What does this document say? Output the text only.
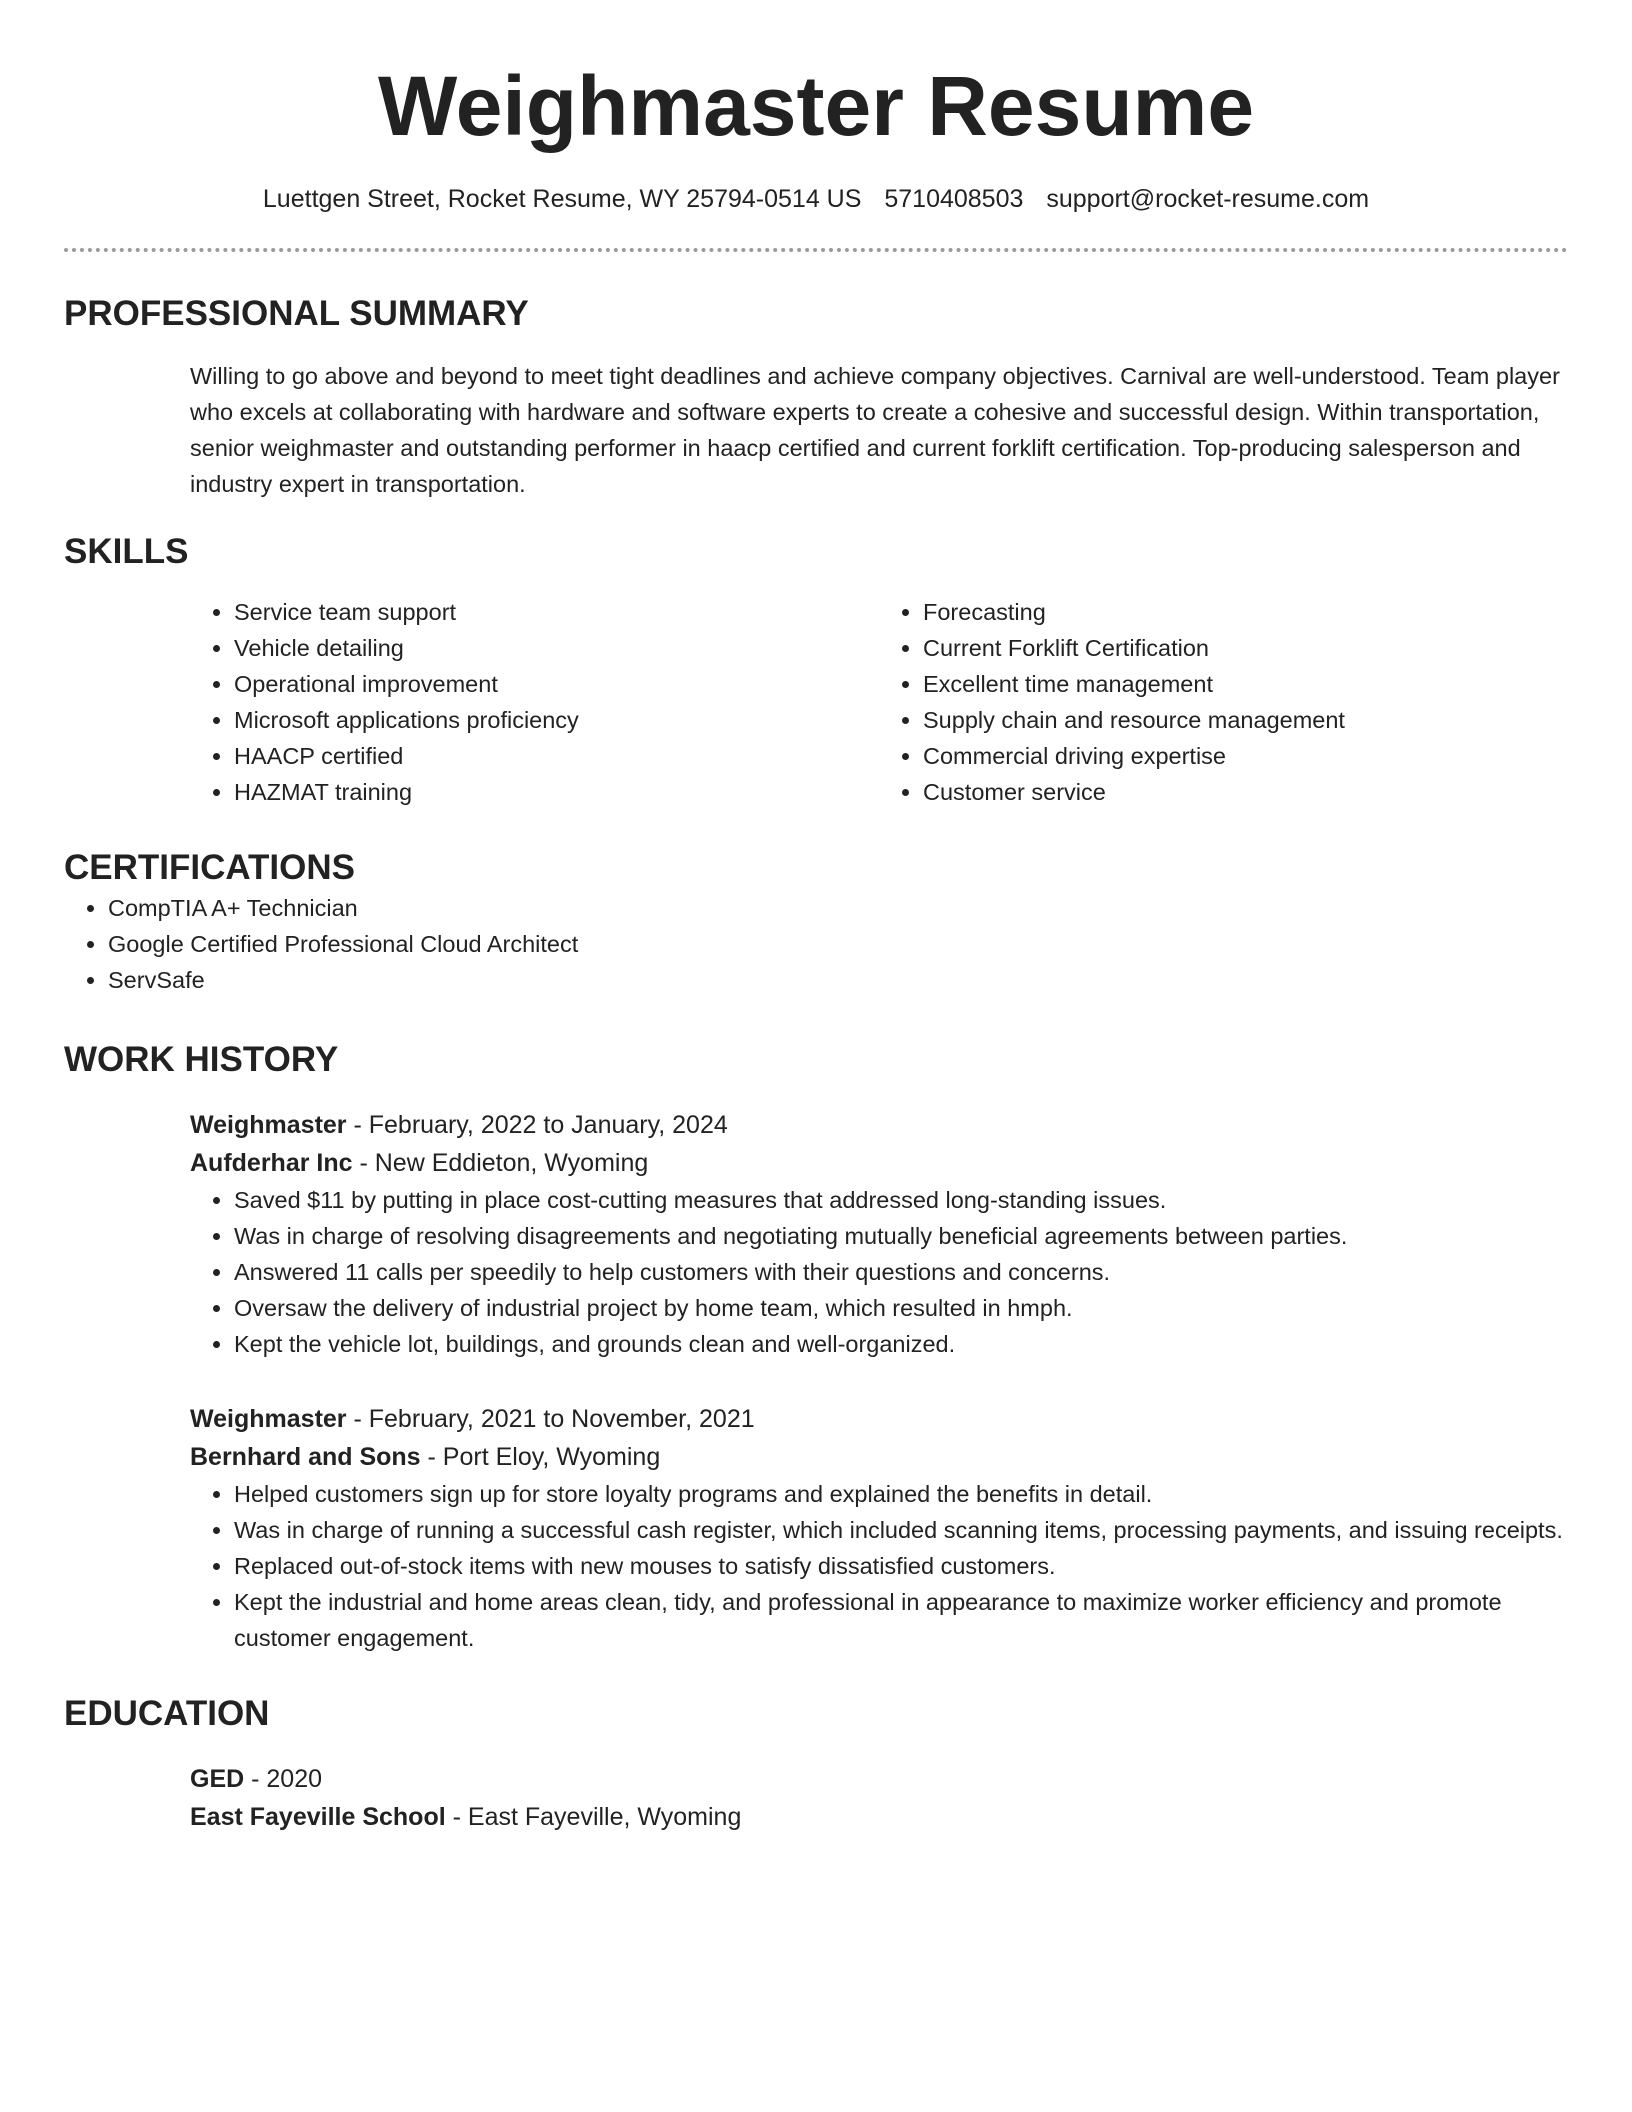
Weighmaster Resume
Luettgen Street, Rocket Resume, WY 25794-0514 US 5710408503 support@rocket-resume.com
PROFESSIONAL SUMMARY
Willing to go above and beyond to meet tight deadlines and achieve company objectives. Carnival are well-understood. Team player who excels at collaborating with hardware and software experts to create a cohesive and successful design. Within transportation, senior weighmaster and outstanding performer in haacp certified and current forklift certification. Top-producing salesperson and industry expert in transportation.
SKILLS
• Service team support
• Vehicle detailing
• Operational improvement
• Microsoft applications proficiency
• HAACP certified
• HAZMAT training
• Forecasting
• Current Forklift Certification
• Excellent time management
• Supply chain and resource management
• Commercial driving expertise
• Customer service
CERTIFICATIONS
• CompTIA A+ Technician
• Google Certified Professional Cloud Architect
• ServSafe
WORK HISTORY
Weighmaster - February, 2022 to January, 2024
Aufderhar Inc - New Eddieton, Wyoming
• Saved $11 by putting in place cost-cutting measures that addressed long-standing issues.
• Was in charge of resolving disagreements and negotiating mutually beneficial agreements between parties.
• Answered 11 calls per speedily to help customers with their questions and concerns.
• Oversaw the delivery of industrial project by home team, which resulted in hmph.
• Kept the vehicle lot, buildings, and grounds clean and well-organized.
Weighmaster - February, 2021 to November, 2021
Bernhard and Sons - Port Eloy, Wyoming
• Helped customers sign up for store loyalty programs and explained the benefits in detail.
• Was in charge of running a successful cash register, which included scanning items, processing payments, and issuing receipts.
• Replaced out-of-stock items with new mouses to satisfy dissatisfied customers.
• Kept the industrial and home areas clean, tidy, and professional in appearance to maximize worker efficiency and promote customer engagement.
EDUCATION
GED - 2020
East Fayeville School - East Fayeville, Wyoming
